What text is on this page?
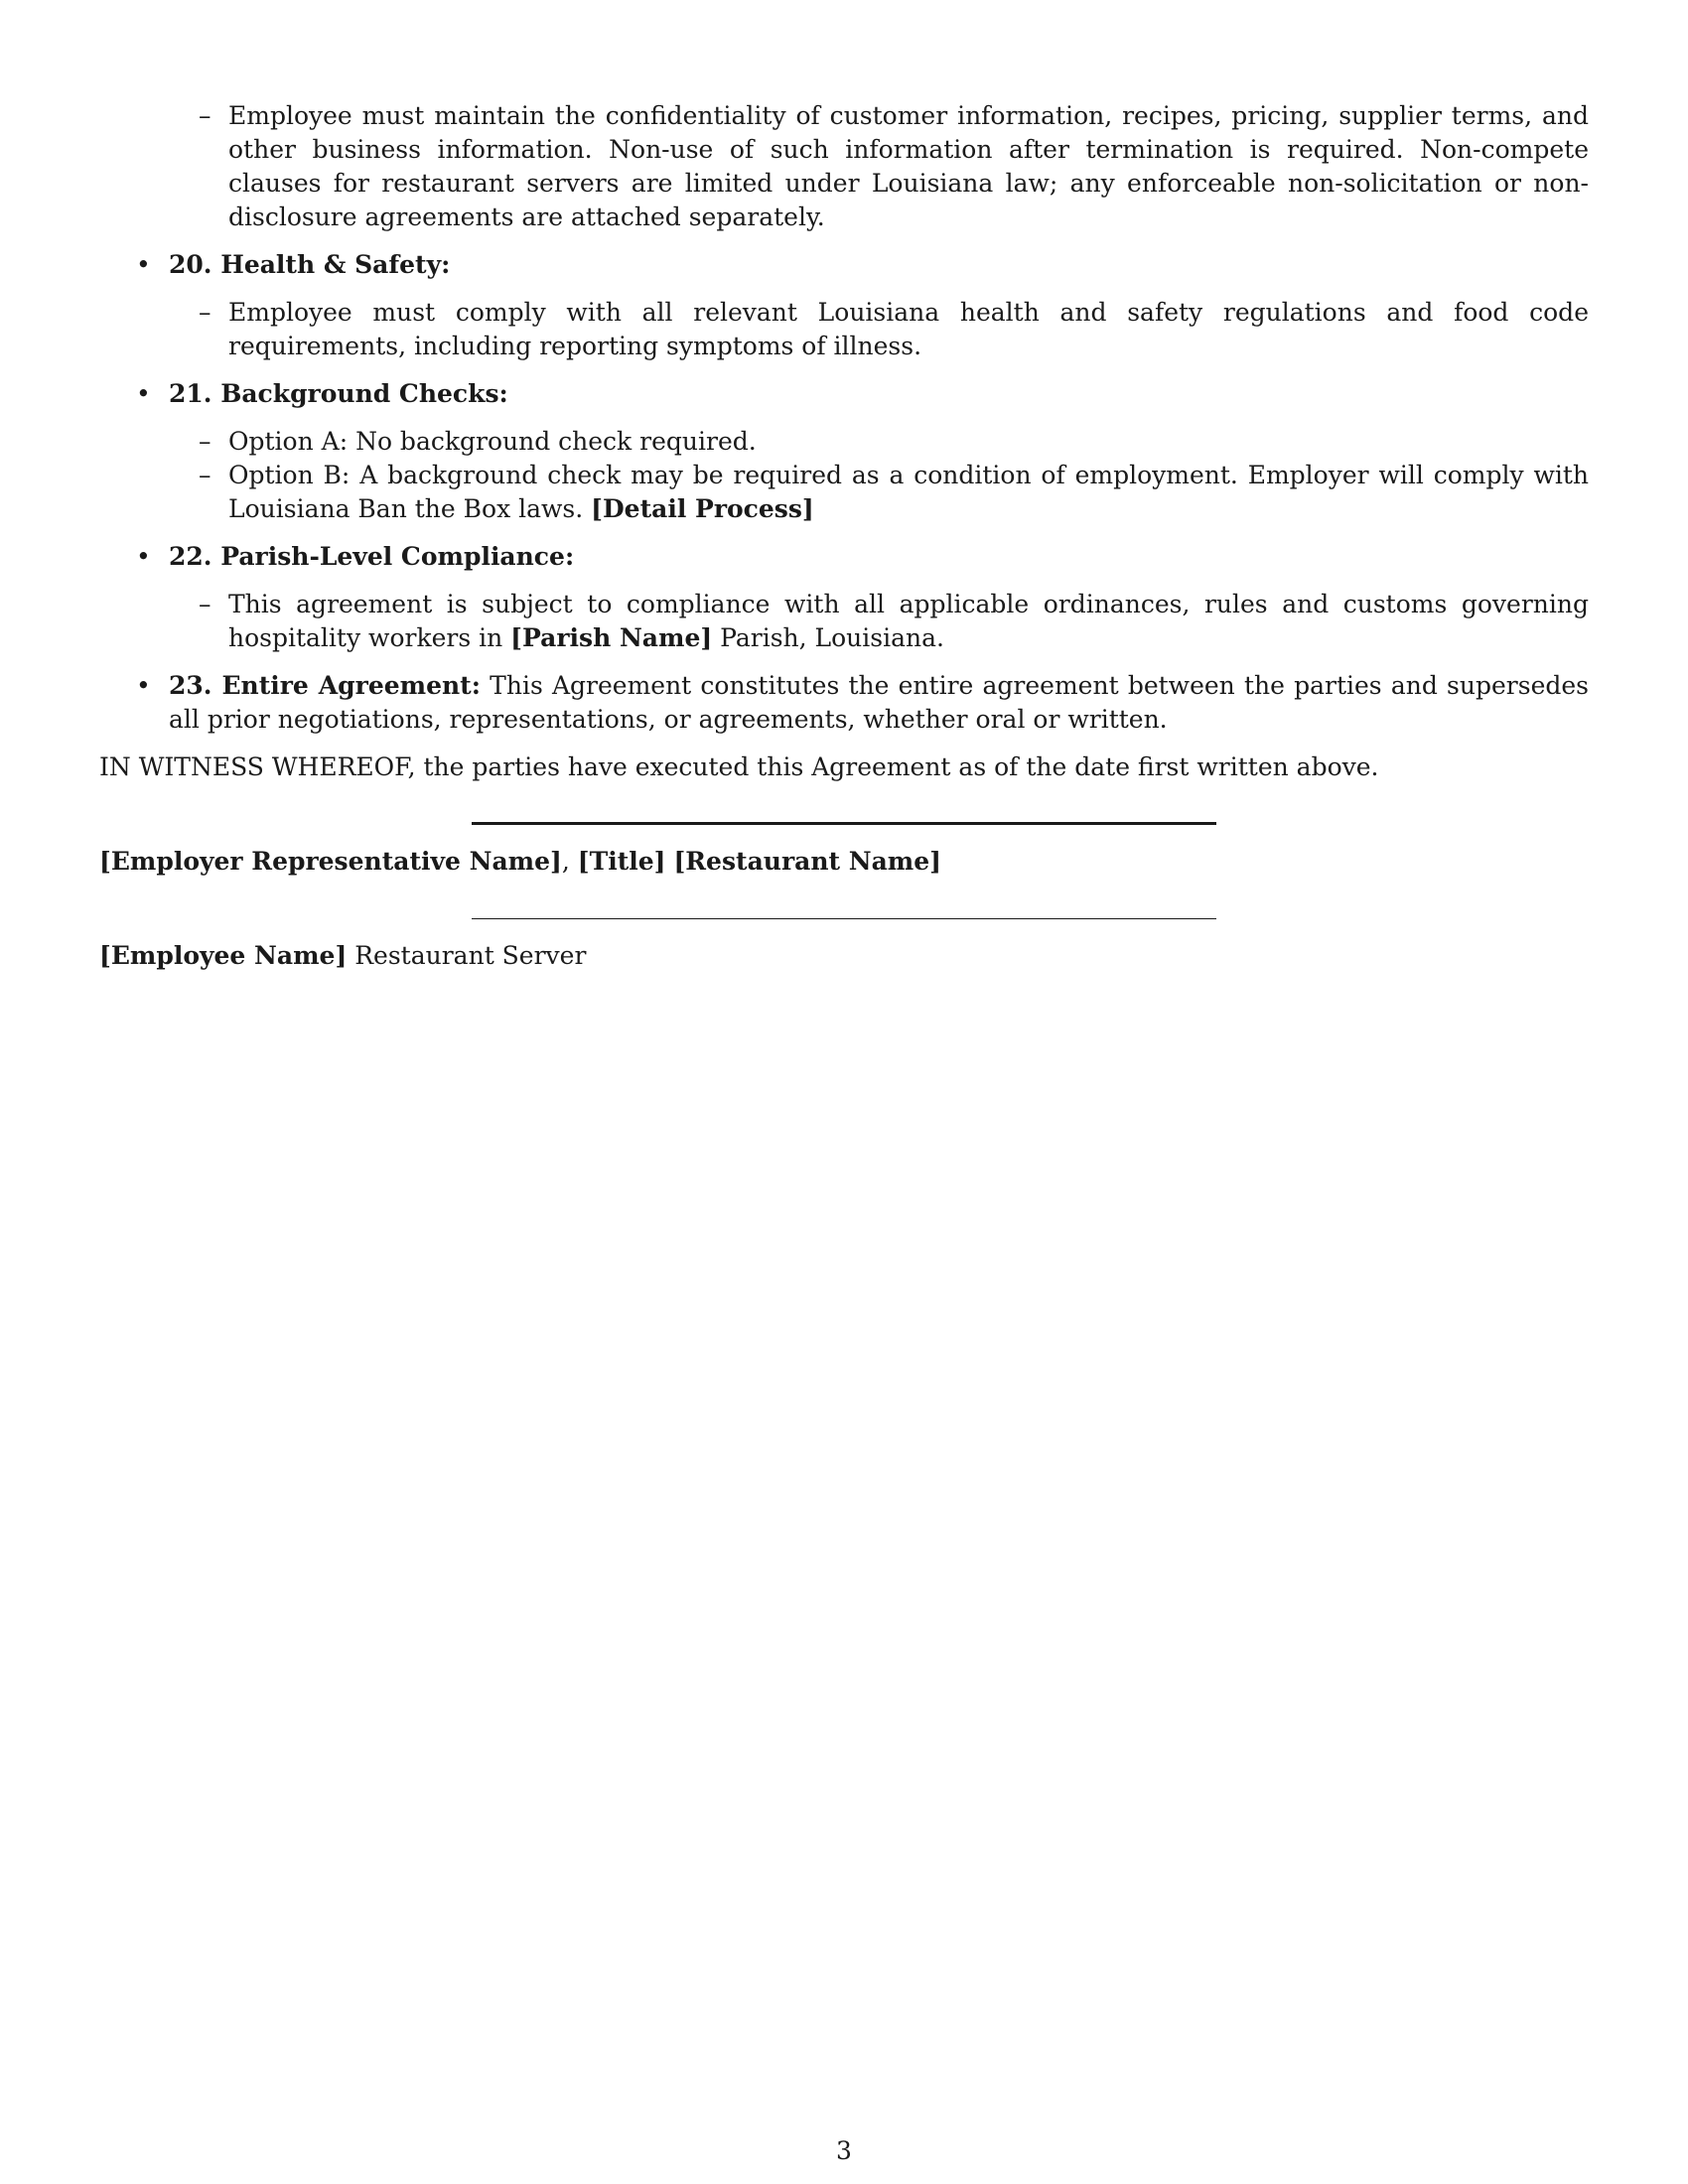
– Employee must maintain the confidentiality of customer information, recipes, pricing, supplier terms, and other business information. Non-use of such information after termination is required. Non-compete clauses for restaurant servers are limited under Louisiana law; any enforceable non-solicitation or non-disclosure agreements are attached separately.
• 20. Health & Safety:
– Employee must comply with all relevant Louisiana health and safety regulations and food code requirements, including reporting symptoms of illness.
• 21. Background Checks:
– Option A: No background check required.
– Option B: A background check may be required as a condition of employment. Employer will comply with Louisiana Ban the Box laws. [Detail Process]
• 22. Parish-Level Compliance:
– This agreement is subject to compliance with all applicable ordinances, rules and customs governing hospitality workers in [Parish Name] Parish, Louisiana.
• 23. Entire Agreement: This Agreement constitutes the entire agreement between the parties and supersedes all prior negotiations, representations, or agreements, whether oral or written.
IN WITNESS WHEREOF, the parties have executed this Agreement as of the date first written above.
[Employer Representative Name], [Title] [Restaurant Name]
[Employee Name] Restaurant Server
3
